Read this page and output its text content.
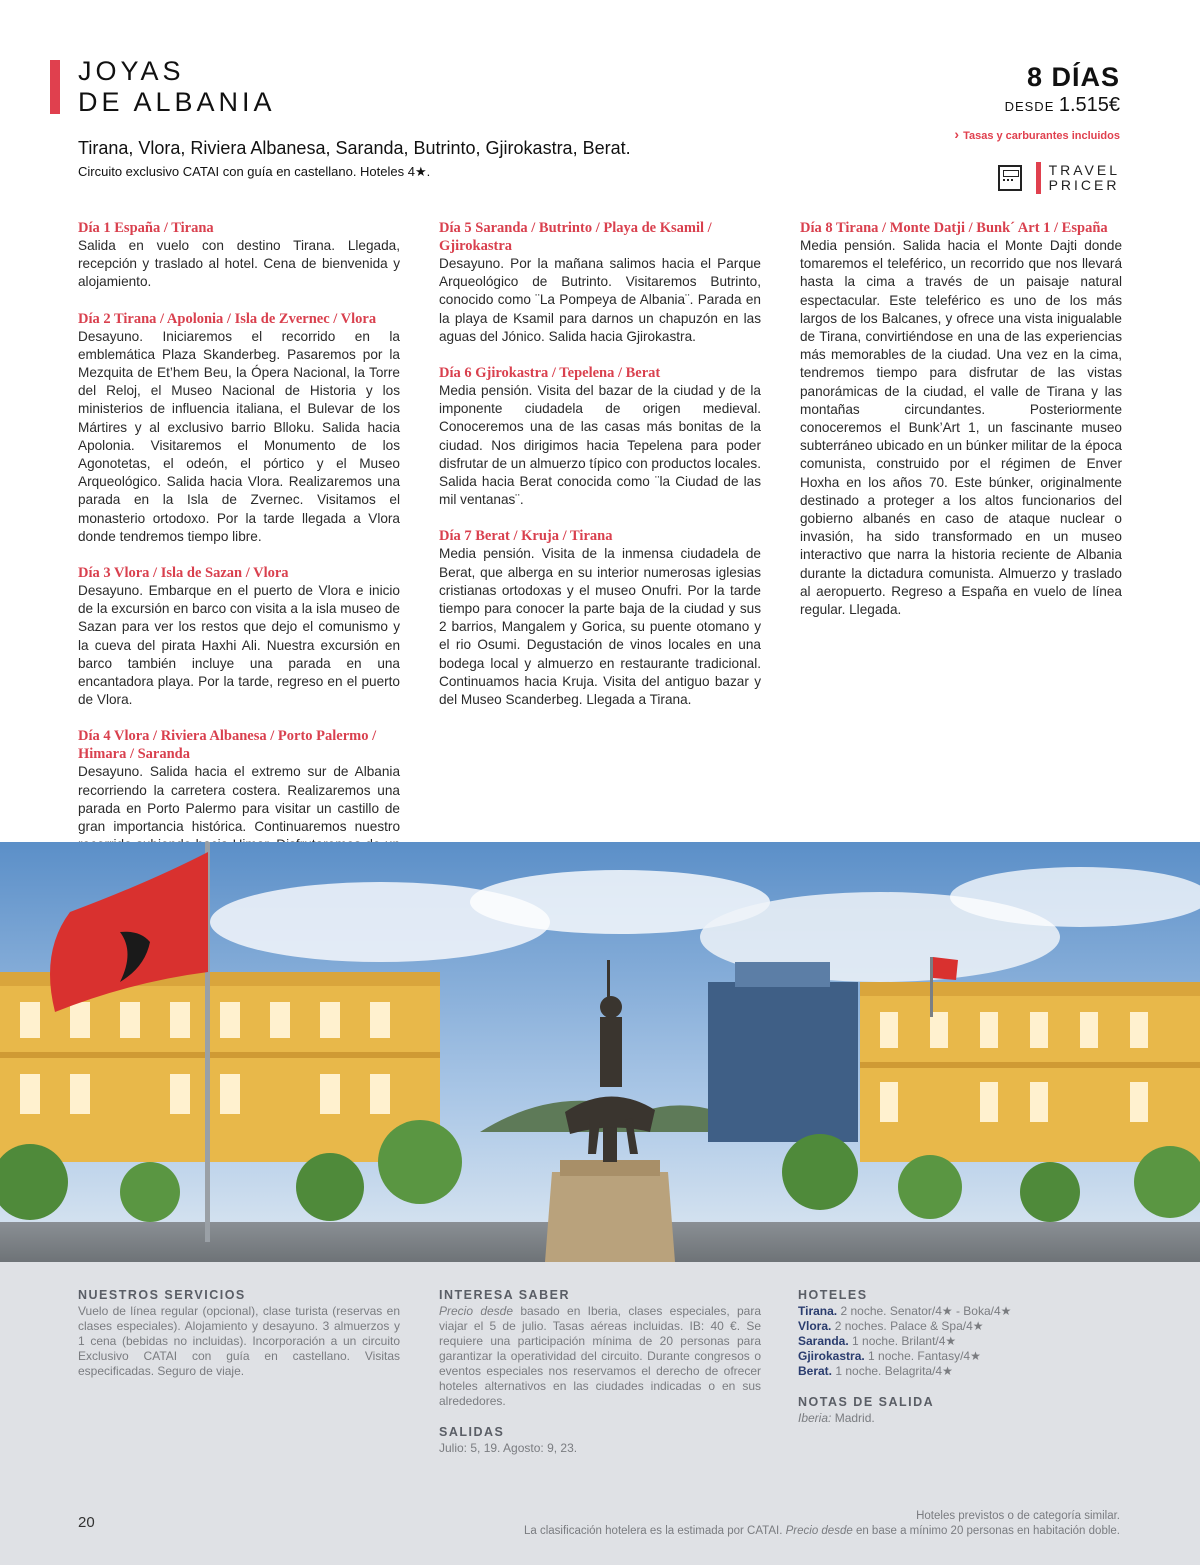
JOYAS
DE ALBANIA
Tirana, Vlora, Riviera Albanesa, Saranda, Butrinto, Gjirokastra, Berat.
Circuito exclusivo CATAI con guía en castellano. Hoteles 4★.
8 DÍAS
DESDE 1.515€
› Tasas y carburantes incluidos
TRAVEL
PRICER
Día 1 España / Tirana

Salida en vuelo con destino Tirana. Llegada, recepción y traslado al hotel. Cena de bienvenida y alojamiento.

Día 2 Tirana / Apolonia / Isla de Zvernec / Vlora

Desayuno. Iniciaremos el recorrido en la emblemática Plaza Skanderbeg. Pasaremos por la Mezquita de Et’hem Beu, la Ópera Nacional, la Torre del Reloj, el Museo Nacional de Historia y los ministerios de influencia italiana, el Bulevar de los Mártires y al exclusivo barrio Blloku. Salida hacia Apolonia. Visitaremos el Monumento de los Agonotetas, el odeón, el pórtico y el Museo Arqueológico. Salida hacia Vlora. Realizaremos una parada en la Isla de Zvernec. Visitamos el monasterio ortodoxo. Por la tarde llegada a Vlora donde tendremos tiempo libre.

Día 3 Vlora / Isla de Sazan / Vlora

Desayuno. Embarque en el puerto de Vlora e inicio de la excursión en barco con visita a la isla museo de Sazan para ver los restos que dejo el comunismo y la cueva del pirata Haxhi Ali. Nuestra excursión en barco también incluye una parada en una encantadora playa. Por la tarde, regreso en el puerto de Vlora.

Día 4 Vlora / Riviera Albanesa / Porto Palermo / Himara / Saranda

Desayuno. Salida hacia el extremo sur de Albania recorriendo la carretera costera. Realizaremos una parada en Porto Palermo para visitar un castillo de gran importancia histórica. Continuaremos nuestro

Día 5 Saranda / Butrinto / Playa de Ksamil / Gjirokastra

Desayuno. Por la mañana salimos hacia el Parque Arqueológico de Butrinto. Visitaremos Butrinto, conocido como ¨La Pompeya de Albania¨. Parada en la playa de Ksamil para darnos un chapuzón en las aguas del Jónico. Salida hacia Gjirokastra.

Día 6 Gjirokastra / Tepelena / Berat

Media pensión. Visita del bazar de la ciudad y de la imponente ciudadela de origen medieval. Conoceremos una de las casas más bonitas de la ciudad. Nos dirigimos hacia Tepelena para poder disfrutar de un almuerzo típico con productos locales. Salida hacia Berat conocida como ¨la Ciudad de las mil ventanas¨.

Día 7 Berat / Kruja / Tirana

Media pensión. Visita de la inmensa ciudadela de Berat, que alberga en su interior numerosas iglesias cristianas ortodoxas y el museo Onufri. Por la tarde tiempo para conocer la parte baja de la ciudad y sus 2 barrios, Mangalem y Gorica, su puente otomano y el rio Osumi. Degustación de vinos locales en una bodega local y almuerzo en restaurante tradicional. Continuamos hacia Kruja. Visita del antiguo bazar y del Museo Scanderbeg. Llegada a Tirana.

Día 8 Tirana / Monte Datji / Bunk´ Art 1 / España

Media pensión. Salida hacia el Monte Dajti donde tomaremos el teleférico, un recorrido que nos llevará hasta la cima a través de un paisaje natural espectacular. Este teleférico es uno de los más largos de los Balcanes, y ofrece una vista inigualable de Tirana, convirtiéndose en una de las experiencias más memorables de la ciudad. Una vez en la cima, tendremos tiempo para disfrutar de las vistas panorámicas de la ciudad, el valle de Tirana y las montañas circundantes. Posteriormente conoceremos el Bunk’Art 1, un fascinante museo subterráneo ubicado en un búnker militar de la época comunista, construido por el régimen de Enver Hoxha en los años 70. Este búnker, originalmente destinado a proteger a los altos funcionarios del gobierno albanés en caso de ataque nuclear o invasión, ha sido transformado en un museo interactivo que narra la historia reciente de Albania durante la dictadura comunista. Almuerzo y traslado al aeropuerto. Regreso a España en vuelo de línea regular. Llegada.

NUESTROS SERVICIOS

Vuelo de línea regular (opcional), clase turista (reservas en clases especiales). Alojamiento y desayuno. 3 almuerzos y 1 cena (bebidas no incluidas). Incorporación a un circuito Exclusivo CATAI con guía en castellano. Visitas especificadas. Seguro de viaje.

INTERESA SABER

Precio desde basado en Iberia, clases especiales, para viajar el 5 de julio. Tasas aéreas incluidas. IB: 40 €. Se requiere una participación mínima de 20 personas para garantizar la operatividad del circuito. Durante congresos o eventos especiales nos reservamos el derecho de ofrecer hoteles alternativos en las ciudades indicadas o en sus alrededores.

SALIDAS

Julio: 5, 19. Agosto: 9, 23.

HOTELES
Tirana. 2 noche. Senator/4★ - Boka/4★
Vlora. 2 noches. Palace & Spa/4★
Saranda. 1 noche. Brilant/4★
Gjirokastra. 1 noche. Fantasy/4★
Berat. 1 noche. Belagrita/4★
NOTAS DE SALIDA

Iberia: Madrid.

20	Hoteles previstos o de categoría similar.
La clasificación hotelera es la estimada por CATAI. Precio desde en base a mínimo 20 personas en habitación doble.
